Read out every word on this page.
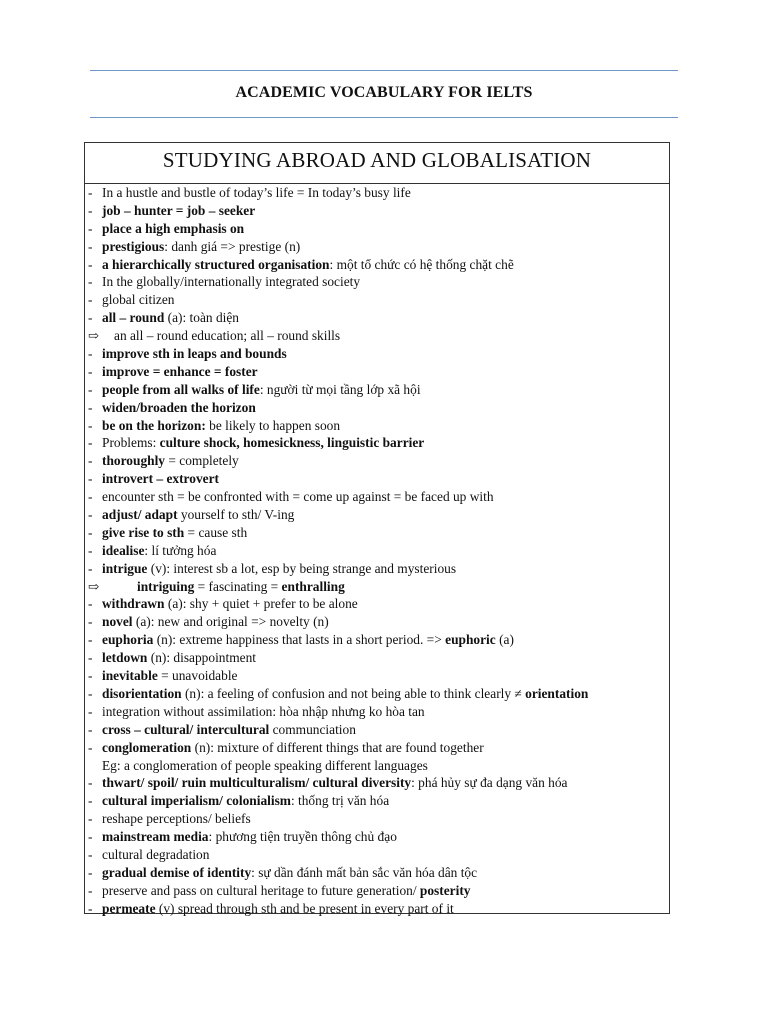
ACADEMIC VOCABULARY FOR IELTS
STUDYING ABROAD AND GLOBALISATION
- In a hustle and bustle of today’s life = In today’s busy life
- job – hunter = job – seeker
- place a high emphasis on
- prestigious: danh giá => prestige (n)
- a hierarchically structured organisation: một tổ chức có hệ thống chặt chẽ
- In the globally/internationally integrated society
- global citizen
- all – round (a): toàn diện
⇨ an all – round education; all – round skills
- improve sth in leaps and bounds
- improve = enhance = foster
- people from all walks of life: người từ mọi tầng lớp xã hội
- widen/broaden the horizon
- be on the horizon: be likely to happen soon
- Problems: culture shock, homesickness, linguistic barrier
- thoroughly = completely
- introvert – extrovert
- encounter sth = be confronted with = come up against = be faced up with
- adjust/ adapt yourself to sth/ V-ing
- give rise to sth = cause sth
- idealise: lí tưởng hóa
- intrigue (v): interest sb a lot, esp by being strange and mysterious
⇨	intriguing = fascinating = enthralling
- withdrawn (a): shy + quiet + prefer to be alone
- novel (a): new and original => novelty (n)
- euphoria (n): extreme happiness that lasts in a short period. => euphoric (a)
- letdown (n): disappointment
- inevitable = unavoidable
- disorientation (n): a feeling of confusion and not being able to think clearly ≠ orientation
- integration without assimilation: hòa nhập nhưng ko hòa tan
- cross – cultural/ intercultural communciation
- conglomeration (n): mixture of different things that are found together
Eg: a conglomeration of people speaking different languages
- thwart/ spoil/ ruin multiculturalism/ cultural diversity: phá hủy sự đa dạng văn hóa
- cultural imperialism/ colonialism: thống trị văn hóa
- reshape perceptions/ beliefs
- mainstream media: phương tiện truyền thông chủ đạo
- cultural degradation
- gradual demise of identity: sự dần đánh mất bản sắc văn hóa dân tộc
- preserve and pass on cultural heritage to future generation/ posterity
- permeate (v) spread through sth and be present in every part of it
